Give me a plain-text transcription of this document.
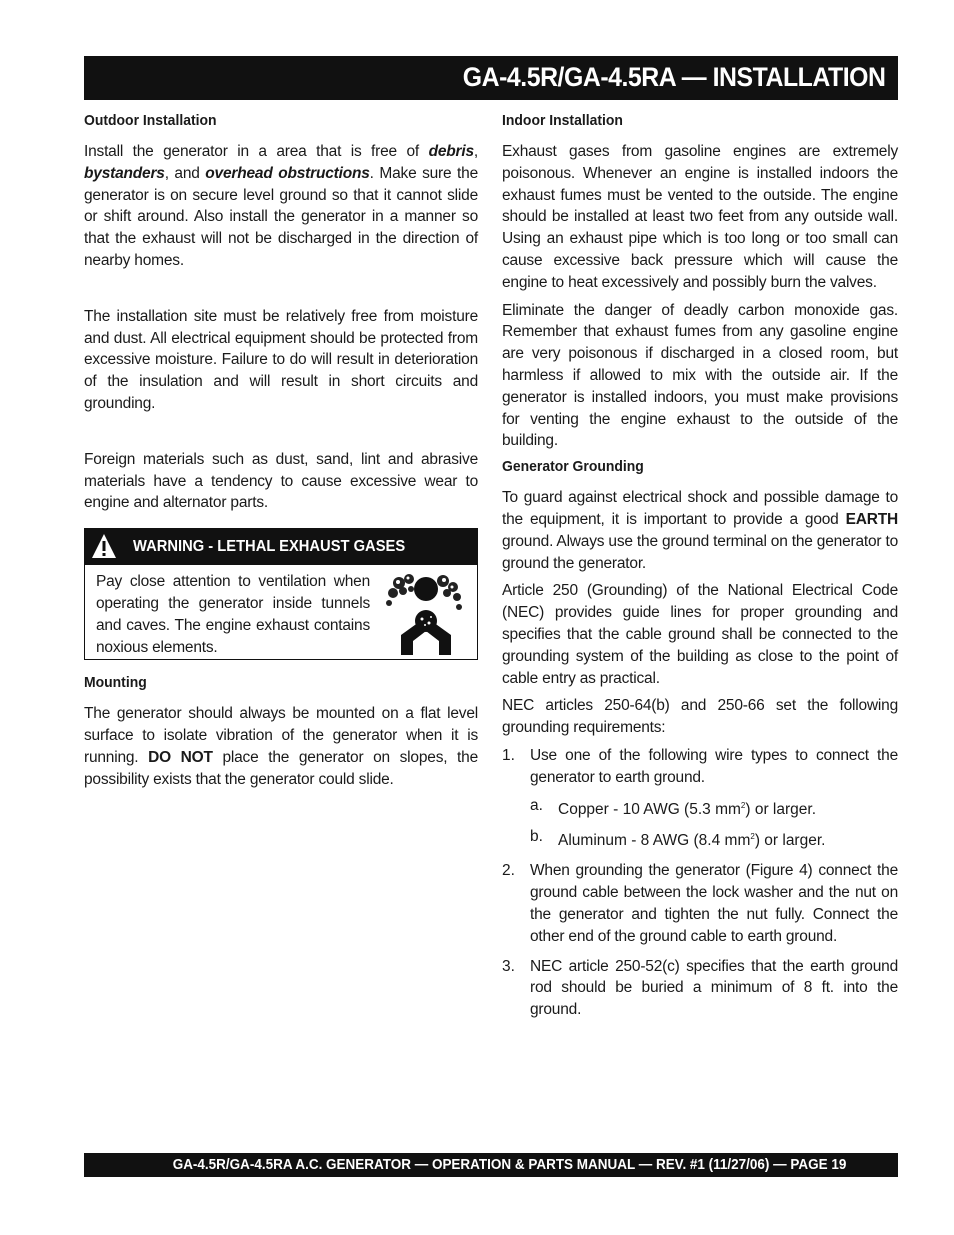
GA-4.5R/GA-4.5RA — INSTALLATION
Outdoor Installation

Install the generator in a area that is free of debris, bystanders, and overhead obstructions. Make sure the generator is on secure level ground so that it cannot slide or shift around. Also install the generator in a manner so that the exhaust will not be discharged in the direction of nearby homes.

The installation site must be relatively free from moisture and dust. All electrical equipment should be protected from excessive moisture. Failure to do will result in deterioration of the insulation and will result in short circuits and grounding.

Foreign materials such as dust, sand, lint and abrasive materials have a tendency to cause excessive wear to engine and alternator parts.

WARNING - LETHAL EXHAUST GASES

Pay close attention to ventilation when operating the generator inside tunnels and caves. The engine exhaust contains noxious elements.

Mounting

The generator should always be mounted on a flat level surface to isolate vibration of the generator when it is running. DO NOT place the generator on slopes, the possibility exists that the generator could slide.

Indoor Installation

Exhaust gases from gasoline engines are extremely poisonous. Whenever an engine is installed indoors the exhaust fumes must be vented to the outside. The engine should be installed at least two feet from any outside wall. Using an exhaust pipe which is too long or too small can cause excessive back pressure which will cause the engine to heat excessively and possibly burn the valves.

Eliminate the danger of deadly carbon monoxide gas. Remember that exhaust fumes from any gasoline engine are very poisonous if discharged in a closed room, but harmless if allowed to mix with the outside air. If the generator is installed indoors, you must make provisions for venting the engine exhaust to the outside of the building.

Generator Grounding

To guard against electrical shock and possible damage to the equipment, it is important to provide a good EARTH ground. Always use the ground terminal on the generator to ground the generator.

Article 250 (Grounding) of the National Electrical Code (NEC) provides guide lines for proper grounding and specifies that the cable ground shall be connected to the grounding system of the building as close to the point of cable entry as practical.

NEC articles 250-64(b) and 250-66 set the following grounding requirements:

1. Use one of the following wire types to connect the generator to earth ground.

a. Copper - 10 AWG (5.3 $mm^2$) or larger.
b. Aluminum - 8 AWG (8.4 $mm^2$) or larger.
2. When grounding the generator (Figure 4) connect the ground cable between the lock washer and the nut on the generator and tighten the nut fully. Connect the other end of the ground cable to earth ground.

3. NEC article 250-52(c) specifies that the earth ground rod should be buried a minimum of 8 ft. into the ground.

GA-4.5R/GA-4.5RA A.C. GENERATOR — OPERATION & PARTS MANUAL — REV. #1 (11/27/06) — PAGE 19
